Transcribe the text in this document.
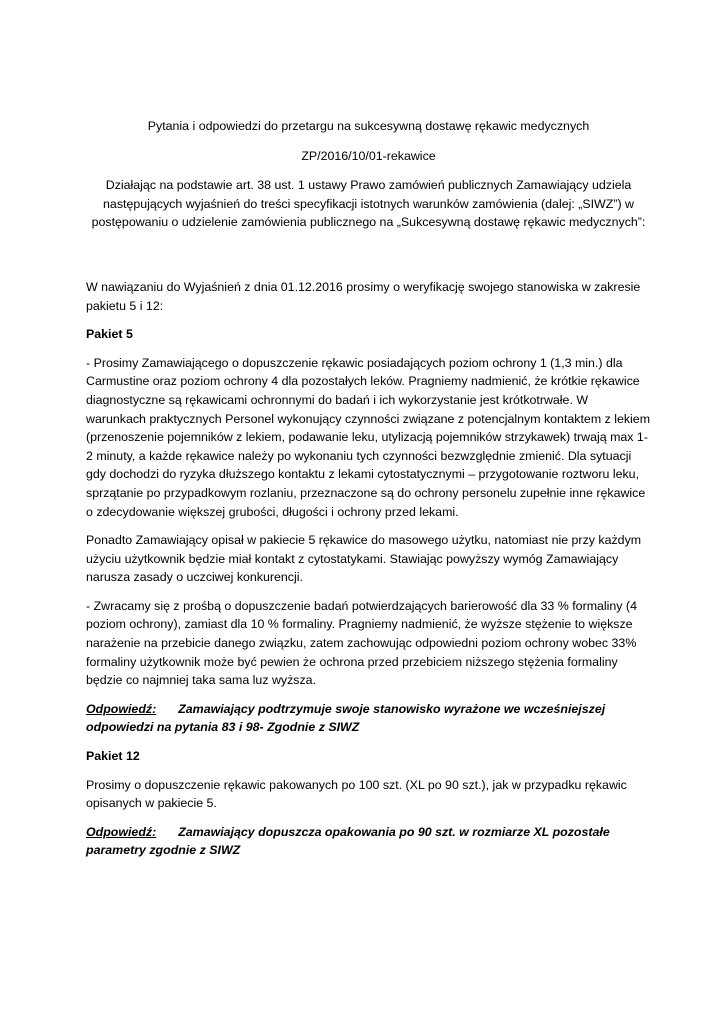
Pytania i odpowiedzi do przetargu na sukcesywną dostawę rękawic medycznych
ZP/2016/10/01-rekawice
Działając na podstawie art. 38 ust. 1 ustawy Prawo zamówień publicznych Zamawiający udziela następujących wyjaśnień do treści specyfikacji istotnych warunków zamówienia (dalej: „SIWZ”) w postępowaniu o udzielenie zamówienia publicznego na „Sukcesywną dostawę rękawic medycznych”:

W nawiązaniu do Wyjaśnień z dnia 01.12.2016 prosimy o weryfikację swojego stanowiska w zakresie pakietu 5 i 12:

Pakiet 5

- Prosimy Zamawiającego o dopuszczenie rękawic posiadających poziom ochrony 1 (1,3 min.) dla Carmustine oraz poziom ochrony 4 dla pozostałych leków. Pragniemy nadmienić, że krótkie rękawice diagnostyczne są rękawicami ochronnymi do badań i ich wykorzystanie jest krótkotrwałe. W warunkach praktycznych Personel wykonujący czynności związane z potencjalnym kontaktem z lekiem (przenoszenie pojemników z lekiem, podawanie leku, utylizacją pojemników strzykawek) trwają max 1-2 minuty, a każde rękawice należy po wykonaniu tych czynności bezwzględnie zmienić. Dla sytuacji gdy dochodzi do ryzyka dłuższego kontaktu z lekami cytostatycznymi – przygotowanie roztworu leku, sprzątanie po przypadkowym rozlaniu, przeznaczone są do ochrony personelu zupełnie inne rękawice o zdecydowanie większej grubości, długości i ochrony przed lekami.

Ponadto Zamawiający opisał w pakiecie 5 rękawice do masowego użytku, natomiast nie przy każdym użyciu użytkownik będzie miał kontakt z cytostatykami. Stawiając powyższy wymóg Zamawiający narusza zasady o uczciwej konkurencji.

- Zwracamy się z prośbą o dopuszczenie badań potwierdzających barierowość dla 33 % formaliny (4 poziom ochrony), zamiast dla 10 % formaliny. Pragniemy nadmienić, że wyższe stężenie to większe narażenie na przebicie danego związku, zatem zachowując odpowiedni poziom ochrony wobec 33% formaliny użytkownik może być pewien że ochrona przed przebiciem niższego stężenia formaliny będzie co najmniej taka sama luz wyższa.

Odpowiedź: Zamawiający podtrzymuje swoje stanowisko wyrażone we wcześniejszej odpowiedzi na pytania 83 i 98- Zgodnie z SIWZ
Pakiet 12

Prosimy o dopuszczenie rękawic pakowanych po 100 szt. (XL po 90 szt.), jak w przypadku rękawic opisanych w pakiecie 5.

Odpowiedź: Zamawiający dopuszcza opakowania po 90 szt. w rozmiarze XL pozostałe parametry zgodnie z SIWZ
